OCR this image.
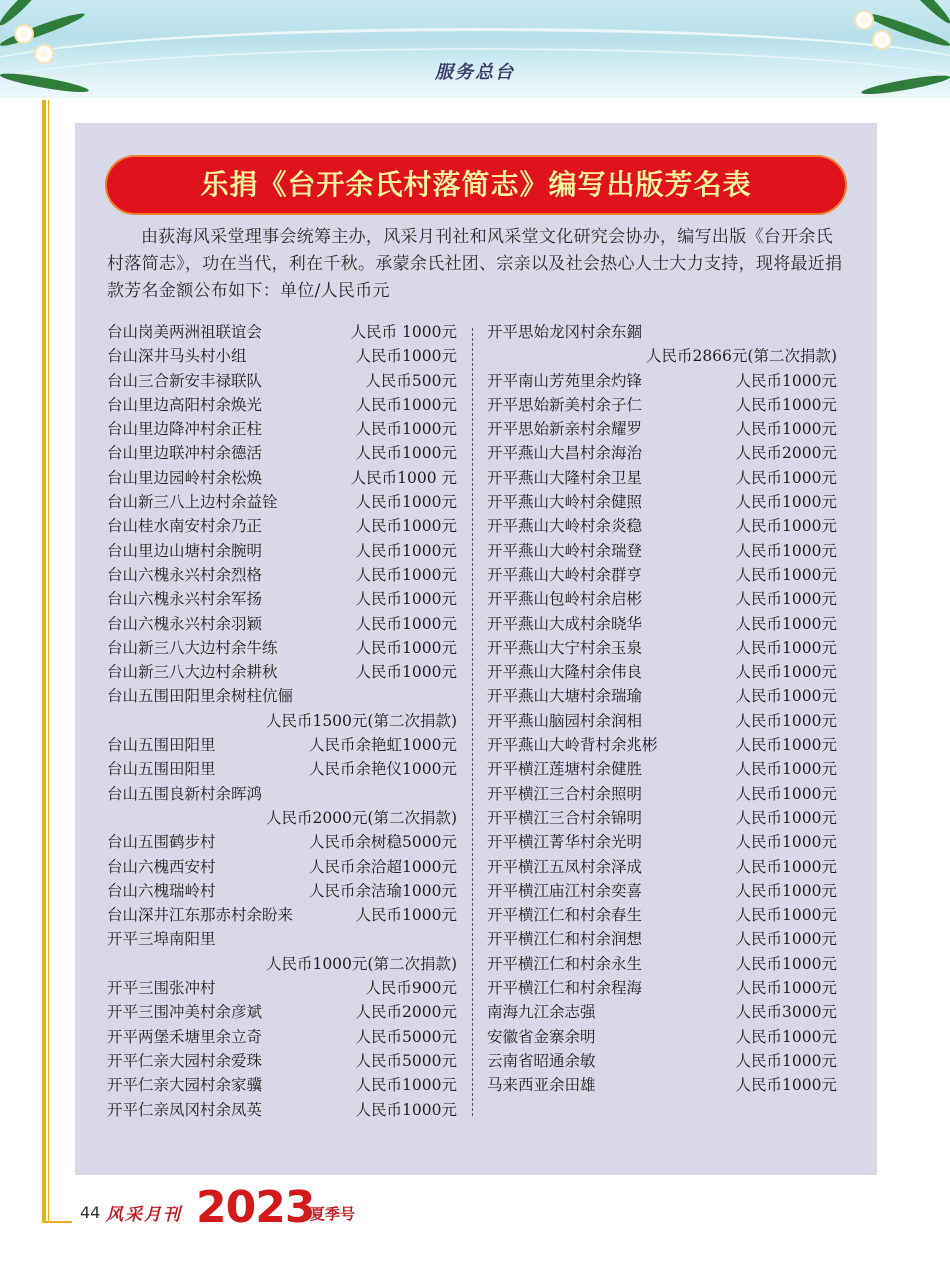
服务总台
乐捐《台开余氏村落简志》编写出版芳名表
由荻海风采堂理事会统筹主办，风采月刊社和风采堂文化研究会协办，编写出版《台开余氏村落简志》，功在当代，利在千秋。承蒙余氏社团、宗亲以及社会热心人士大力支持，现将最近捐款芳名金额公布如下：单位/人民币元
台山岗美两洲祖联谊会	人民币 1000元
台山深井马头村小组	人民币1000元
台山三合新安丰禄联队	人民币500元
台山里边高阳村余焕光	人民币1000元
台山里边降冲村余正柱	人民币1000元
台山里边联冲村余德活	人民币1000元
台山里边园岭村余松焕	人民币1000 元
台山新三八上边村余益铨	人民币1000元
台山桂水南安村余乃正	人民币1000元
台山里边山塘村余腕明	人民币1000元
台山六槐永兴村余烈格	人民币1000元
台山六槐永兴村余军扬	人民币1000元
台山六槐永兴村余羽颖	人民币1000元
台山新三八大边村余牛练	人民币1000元
台山新三八大边村余耕秋	人民币1000元
台山五围田阳里余树柱伉俪
人民币1500元(第二次捐款)
台山五围田阳里	人民币余艳虹1000元
台山五围田阳里	人民币余艳仪1000元
台山五围良新村余晖鸿
人民币2000元(第二次捐款)
台山五围鹤步村	人民币余树稳5000元
台山六槐西安村	人民币余洽超1000元
台山六槐瑞岭村	人民币余洁瑜1000元
台山深井江东那赤村余盼来	人民币1000元
开平三埠南阳里
人民币1000元(第二次捐款)
开平三围张冲村	人民币900元
开平三围冲美村余彦斌	人民币2000元
开平两堡禾塘里余立奇	人民币5000元
开平仁亲大园村余爱珠	人民币5000元
开平仁亲大园村余家骥	人民币1000元
开平仁亲凤冈村余凤英	人民币1000元
开平思始龙冈村余东錮
人民币2866元(第二次捐款)
开平南山芳苑里余灼锋	人民币1000元
开平思始新美村余子仁	人民币1000元
开平思始新亲村余耀罗	人民币1000元
开平燕山大昌村余海治	人民币2000元
开平燕山大隆村余卫星	人民币1000元
开平燕山大岭村余健照	人民币1000元
开平燕山大岭村余炎稳	人民币1000元
开平燕山大岭村余瑞登	人民币1000元
开平燕山大岭村余群亨	人民币1000元
开平燕山包岭村余启彬	人民币1000元
开平燕山大成村余晓华	人民币1000元
开平燕山大宁村余玉泉	人民币1000元
开平燕山大隆村余伟良	人民币1000元
开平燕山大塘村余瑞瑜	人民币1000元
开平燕山脑园村余润相	人民币1000元
开平燕山大岭背村余兆彬	人民币1000元
开平横江莲塘村余健胜	人民币1000元
开平横江三合村余照明	人民币1000元
开平横江三合村余锦明	人民币1000元
开平横江菁华村余光明	人民币1000元
开平横江五凤村余泽成	人民币1000元
开平横江庙江村余奕喜	人民币1000元
开平横江仁和村余春生	人民币1000元
开平横江仁和村余润想	人民币1000元
开平横江仁和村余永生	人民币1000元
开平横江仁和村余程海	人民币1000元
南海九江余志强	人民币3000元
安徽省金寨余明	人民币1000元
云南省昭通余敏	人民币1000元
马来西亚余田雄	人民币1000元
44 风采月刊 2023
夏季号
